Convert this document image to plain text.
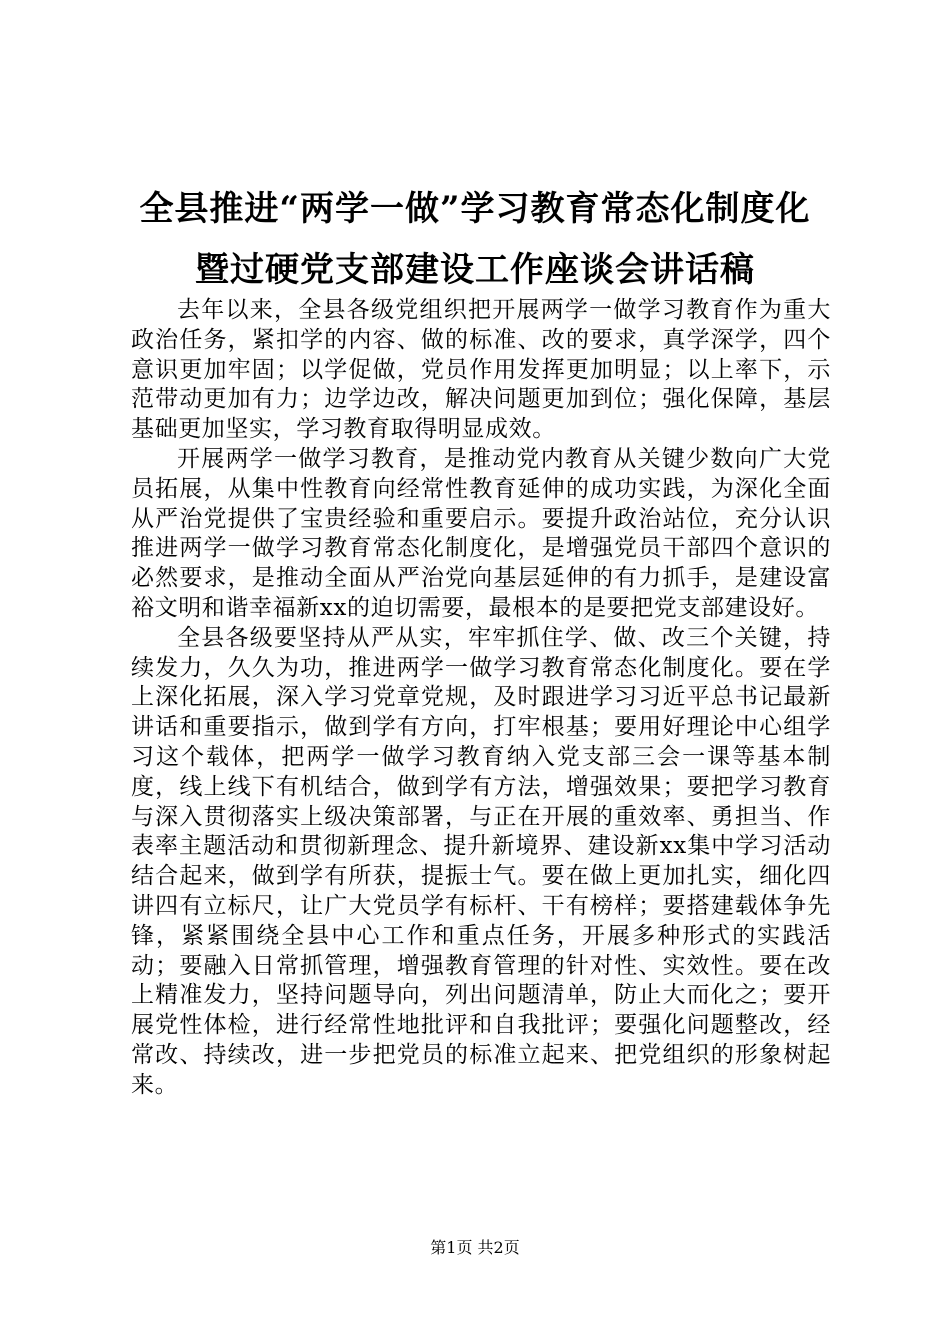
全县推进“两学一做”学习教育常态化制度化
暨过硬党支部建设工作座谈会讲话稿

去年以来，全县各级党组织把开展两学一做学习教育作为重大政治任务，紧扣学的内容、做的标准、改的要求，真学深学，四个意识更加牢固；以学促做，党员作用发挥更加明显；以上率下，示范带动更加有力；边学边改，解决问题更加到位；强化保障，基层基础更加坚实，学习教育取得明显成效。

开展两学一做学习教育，是推动党内教育从关键少数向广大党员拓展，从集中性教育向经常性教育延伸的成功实践，为深化全面从严治党提供了宝贵经验和重要启示。要提升政治站位，充分认识推进两学一做学习教育常态化制度化，是增强党员干部四个意识的必然要求，是推动全面从严治党向基层延伸的有力抓手，是建设富裕文明和谐幸福新xx的迫切需要，最根本的是要把党支部建设好。

全县各级要坚持从严从实，牢牢抓住学、做、改三个关键，持续发力，久久为功，推进两学一做学习教育常态化制度化。要在学上深化拓展，深入学习党章党规，及时跟进学习习近平总书记最新讲话和重要指示，做到学有方向，打牢根基；要用好理论中心组学习这个载体，把两学一做学习教育纳入党支部三会一课等基本制度，线上线下有机结合，做到学有方法，增强效果；要把学习教育与深入贯彻落实上级决策部署，与正在开展的重效率、勇担当、作表率主题活动和贯彻新理念、提升新境界、建设新xx集中学习活动结合起来，做到学有所获，提振士气。要在做上更加扎实，细化四讲四有立标尺，让广大党员学有标杆、干有榜样；要搭建载体争先锋，紧紧围绕全县中心工作和重点任务，开展多种形式的实践活动；要融入日常抓管理，增强教育管理的针对性、实效性。要在改上精准发力，坚持问题导向，列出问题清单，防止大而化之；要开展党性体检，进行经常性地批评和自我批评；要强化问题整改，经常改、持续改，进一步把党员的标准立起来、把党组织的形象树起来。

第1页 共2页
